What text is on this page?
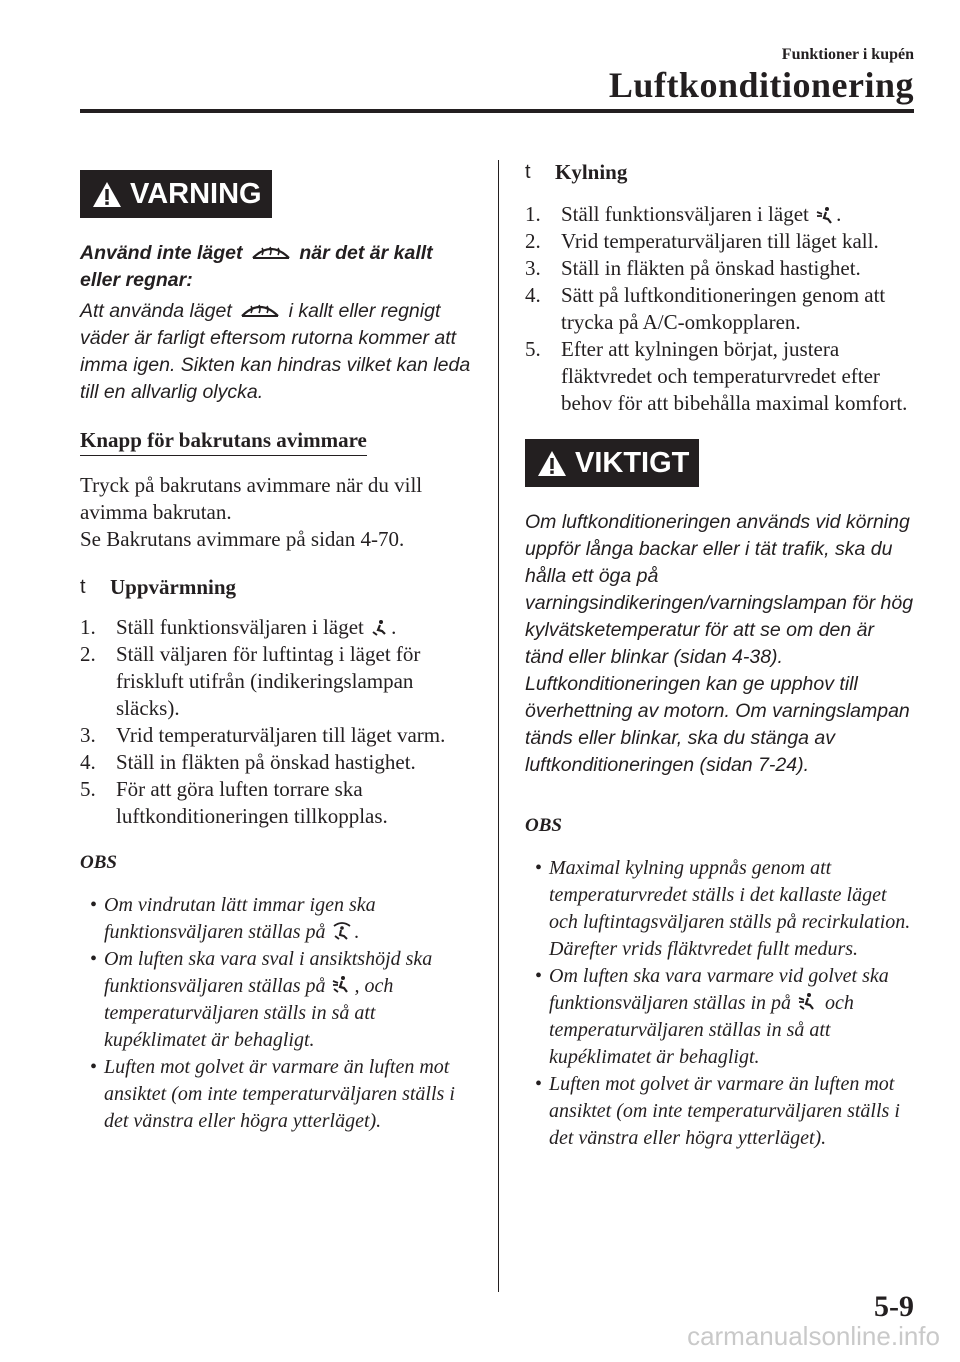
Funktioner i kupén
Luftkonditionering
VARNING

Använd inte läget	när det är kallt eller regnar:

Att använda läget	i kallt eller regnigt väder är farligt eftersom rutorna kommer att imma igen. Sikten kan hindras vilket kan leda till en allvarlig olycka.

Knapp för bakrutans avimmare

Tryck på bakrutans avimmare när du vill avimma bakrutan.

Se Bakrutans avimmare på sidan 4-70.

t	Uppvärmning
1. Ställ funktionsväljaren i läget .
2. Ställ väljaren för luftintag i läget för friskluft utifrån (indikeringslampan släcks).
3. Vrid temperaturväljaren till läget varm.
4. Ställ in fläkten på önskad hastighet.
5. För att göra luften torrare ska luftkonditioneringen tillkopplas.
OBS
• Om vindrutan lätt immar igen ska funktionsväljaren ställas på .
• Om luften ska vara sval i ansiktshöjd ska funktionsväljaren ställas på , och temperaturväljaren ställs in så att kupéklimatet är behagligt.
• Luften mot golvet är varmare än luften mot ansiktet (om inte temperaturväljaren ställs i det vänstra eller högra ytterläget).
t	Kylning
1. Ställ funktionsväljaren i läget .
2. Vrid temperaturväljaren till läget kall.
3. Ställ in fläkten på önskad hastighet.
4. Sätt på luftkonditioneringen genom att trycka på A/C-omkopplaren.
5. Efter att kylningen börjat, justera fläktvredet och temperaturvredet efter behov för att bibehålla maximal komfort.
VIKTIGT

Om luftkonditioneringen används vid körning uppför långa backar eller i tät trafik, ska du hålla ett öga på varningsindikeringen/varningslampan för hög kylvätsketemperatur för att se om den är tänd eller blinkar (sidan 4-38). Luftkonditioneringen kan ge upphov till överhettning av motorn. Om varningslampan tänds eller blinkar, ska du stänga av luftkonditioneringen (sidan 7-24).

OBS
• Maximal kylning uppnås genom att temperaturvredet ställs i det kallaste läget och luftintagsväljaren ställs på recirkulation. Därefter vrids fläktvredet fullt medurs.
• Om luften ska vara varmare vid golvet ska funktionsväljaren ställas in på och temperaturväljaren ställas in så att kupéklimatet är behagligt.
• Luften mot golvet är varmare än luften mot ansiktet (om inte temperaturväljaren ställs i det vänstra eller högra ytterläget).
5-9
carmanualsonline.info
